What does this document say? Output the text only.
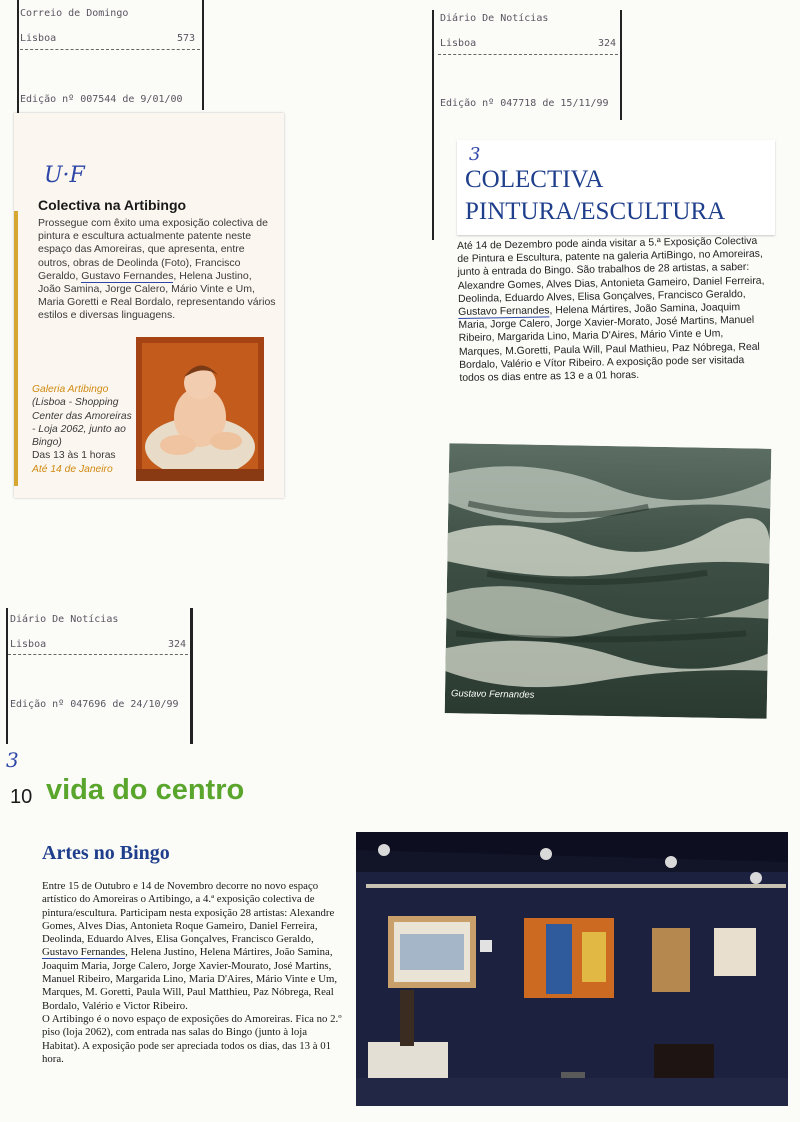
Correio de Domingo
Lisboa	573
Edição nº 007544 de 9/01/00
Diário De Notícias
Lisboa	324
Edição nº 047718 de 15/11/99
Diário De Notícias
Lisboa	324
Edição nº 047696 de 24/10/99
U·F
Colectiva na Artibingo
Prossegue com êxito uma exposição colectiva de pintura e escultura actualmente patente neste espaço das Amoreiras, que apresenta, entre outros, obras de Deolinda (Foto), Francisco Geraldo, Gustavo Fernandes, Helena Justino, João Samina, Jorge Calero, Mário Vinte e Um, Maria Goretti e Real Bordalo, representando vários estilos e diversas linguagens.
Galeria Artibingo
(Lisboa - Shopping Center das Amoreiras - Loja 2062, junto ao Bingo)
Das 13 às 1 horas
Até 14 de Janeiro
3
COLECTIVA
PINTURA/ESCULTURA
Até 14 de Dezembro pode ainda visitar a 5.ª Exposição Colectiva de Pintura e Escultura, patente na galeria ArtiBingo, no Amoreiras, junto à entrada do Bingo. São trabalhos de 28 artistas, a saber: Alexandre Gomes, Alves Dias, Antonieta Gameiro, Daniel Ferreira, Deolinda, Eduardo Alves, Elisa Gonçalves, Francisco Geraldo, Gustavo Fernandes, Helena Mártires, João Samina, Joaquim Maria, Jorge Calero, Jorge Xavier-Morato, José Martins, Manuel Ribeiro, Margarida Lino, Maria D'Aires, Mário Vinte e Um, Marques, M.Goretti, Paula Will, Paul Mathieu, Paz Nóbrega, Real Bordalo, Valério e Vítor Ribeiro. A exposição pode ser visitada todos os dias entre as 13 e a 01 horas.
Gustavo Fernandes
3
10 vida do centro
Artes no Bingo
Entre 15 de Outubro e 14 de Novembro decorre no novo espaço artístico do Amoreiras o Artibingo, a 4.ª exposição colectiva de pintura/escultura. Participam nesta exposição 28 artistas: Alexandre Gomes, Alves Dias, Antonieta Roque Gameiro, Daniel Ferreira, Deolinda, Eduardo Alves, Elisa Gonçalves, Francisco Geraldo, Gustavo Fernandes, Helena Justino, Helena Mártires, João Samina, Joaquim Maria, Jorge Calero, Jorge Xavier-Mourato, José Martins, Manuel Ribeiro, Margarida Lino, Maria D'Aires, Mário Vinte e Um, Marques, M. Goretti, Paula Will, Paul Matthieu, Paz Nóbrega, Real Bordalo, Valério e Victor Ribeiro.
O Artibingo é o novo espaço de exposições do Amoreiras. Fica no 2.º piso (loja 2062), com entrada nas salas do Bingo (junto à loja Habitat). A exposição pode ser apreciada todos os dias, das 13 à 01 hora.
